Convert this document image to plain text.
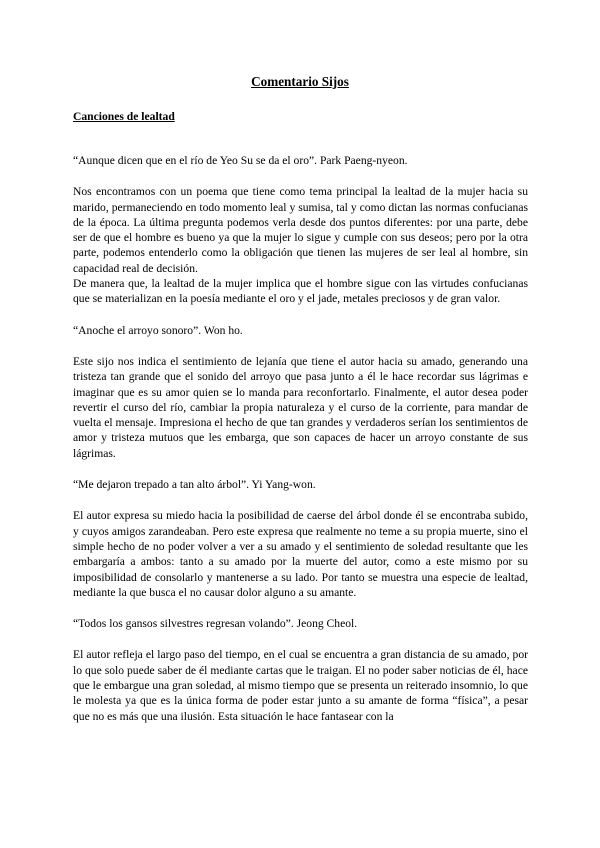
Comentario Sijos
Canciones de lealtad

“Aunque dicen que en el río de Yeo Su se da el oro”. Park Paeng-nyeon.

Nos encontramos con un poema que tiene como tema principal la lealtad de la mujer hacia su marido, permaneciendo en todo momento leal y sumisa, tal y como dictan las normas confucianas de la época. La última pregunta podemos verla desde dos puntos diferentes: por una parte, debe ser de que el hombre es bueno ya que la mujer lo sigue y cumple con sus deseos; pero por la otra parte, podemos entenderlo como la obligación que tienen las mujeres de ser leal al hombre, sin capacidad real de decisión.

De manera que, la lealtad de la mujer implica que el hombre sigue con las virtudes confucianas que se materializan en la poesía mediante el oro y el jade, metales preciosos y de gran valor.

“Anoche el arroyo sonoro”. Won ho.

Este sijo nos indica el sentimiento de lejanía que tiene el autor hacia su amado, generando una tristeza tan grande que el sonido del arroyo que pasa junto a él le hace recordar sus lágrimas e imaginar que es su amor quien se lo manda para reconfortarlo. Finalmente, el autor desea poder revertir el curso del río, cambiar la propia naturaleza y el curso de la corriente, para mandar de vuelta el mensaje. Impresiona el hecho de que tan grandes y verdaderos serían los sentimientos de amor y tristeza mutuos que les embarga, que son capaces de hacer un arroyo constante de sus lágrimas.

“Me dejaron trepado a tan alto árbol”. Yi Yang-won.

El autor expresa su miedo hacia la posibilidad de caerse del árbol donde él se encontraba subido, y cuyos amigos zarandeaban. Pero este expresa que realmente no teme a su propia muerte, sino el simple hecho de no poder volver a ver a su amado y el sentimiento de soledad resultante que les embargaría a ambos: tanto a su amado por la muerte del autor, como a este mismo por su imposibilidad de consolarlo y mantenerse a su lado. Por tanto se muestra una especie de lealtad, mediante la que busca el no causar dolor alguno a su amante.

“Todos los gansos silvestres regresan volando”. Jeong Cheol.

El autor refleja el largo paso del tiempo, en el cual se encuentra a gran distancia de su amado, por lo que solo puede saber de él mediante cartas que le traigan. El no poder saber noticias de él, hace que le embargue una gran soledad, al mismo tiempo que se presenta un reiterado insomnio, lo que le molesta ya que es la única forma de poder estar junto a su amante de forma “física”, a pesar que no es más que una ilusión. Esta situación le hace fantasear con la
